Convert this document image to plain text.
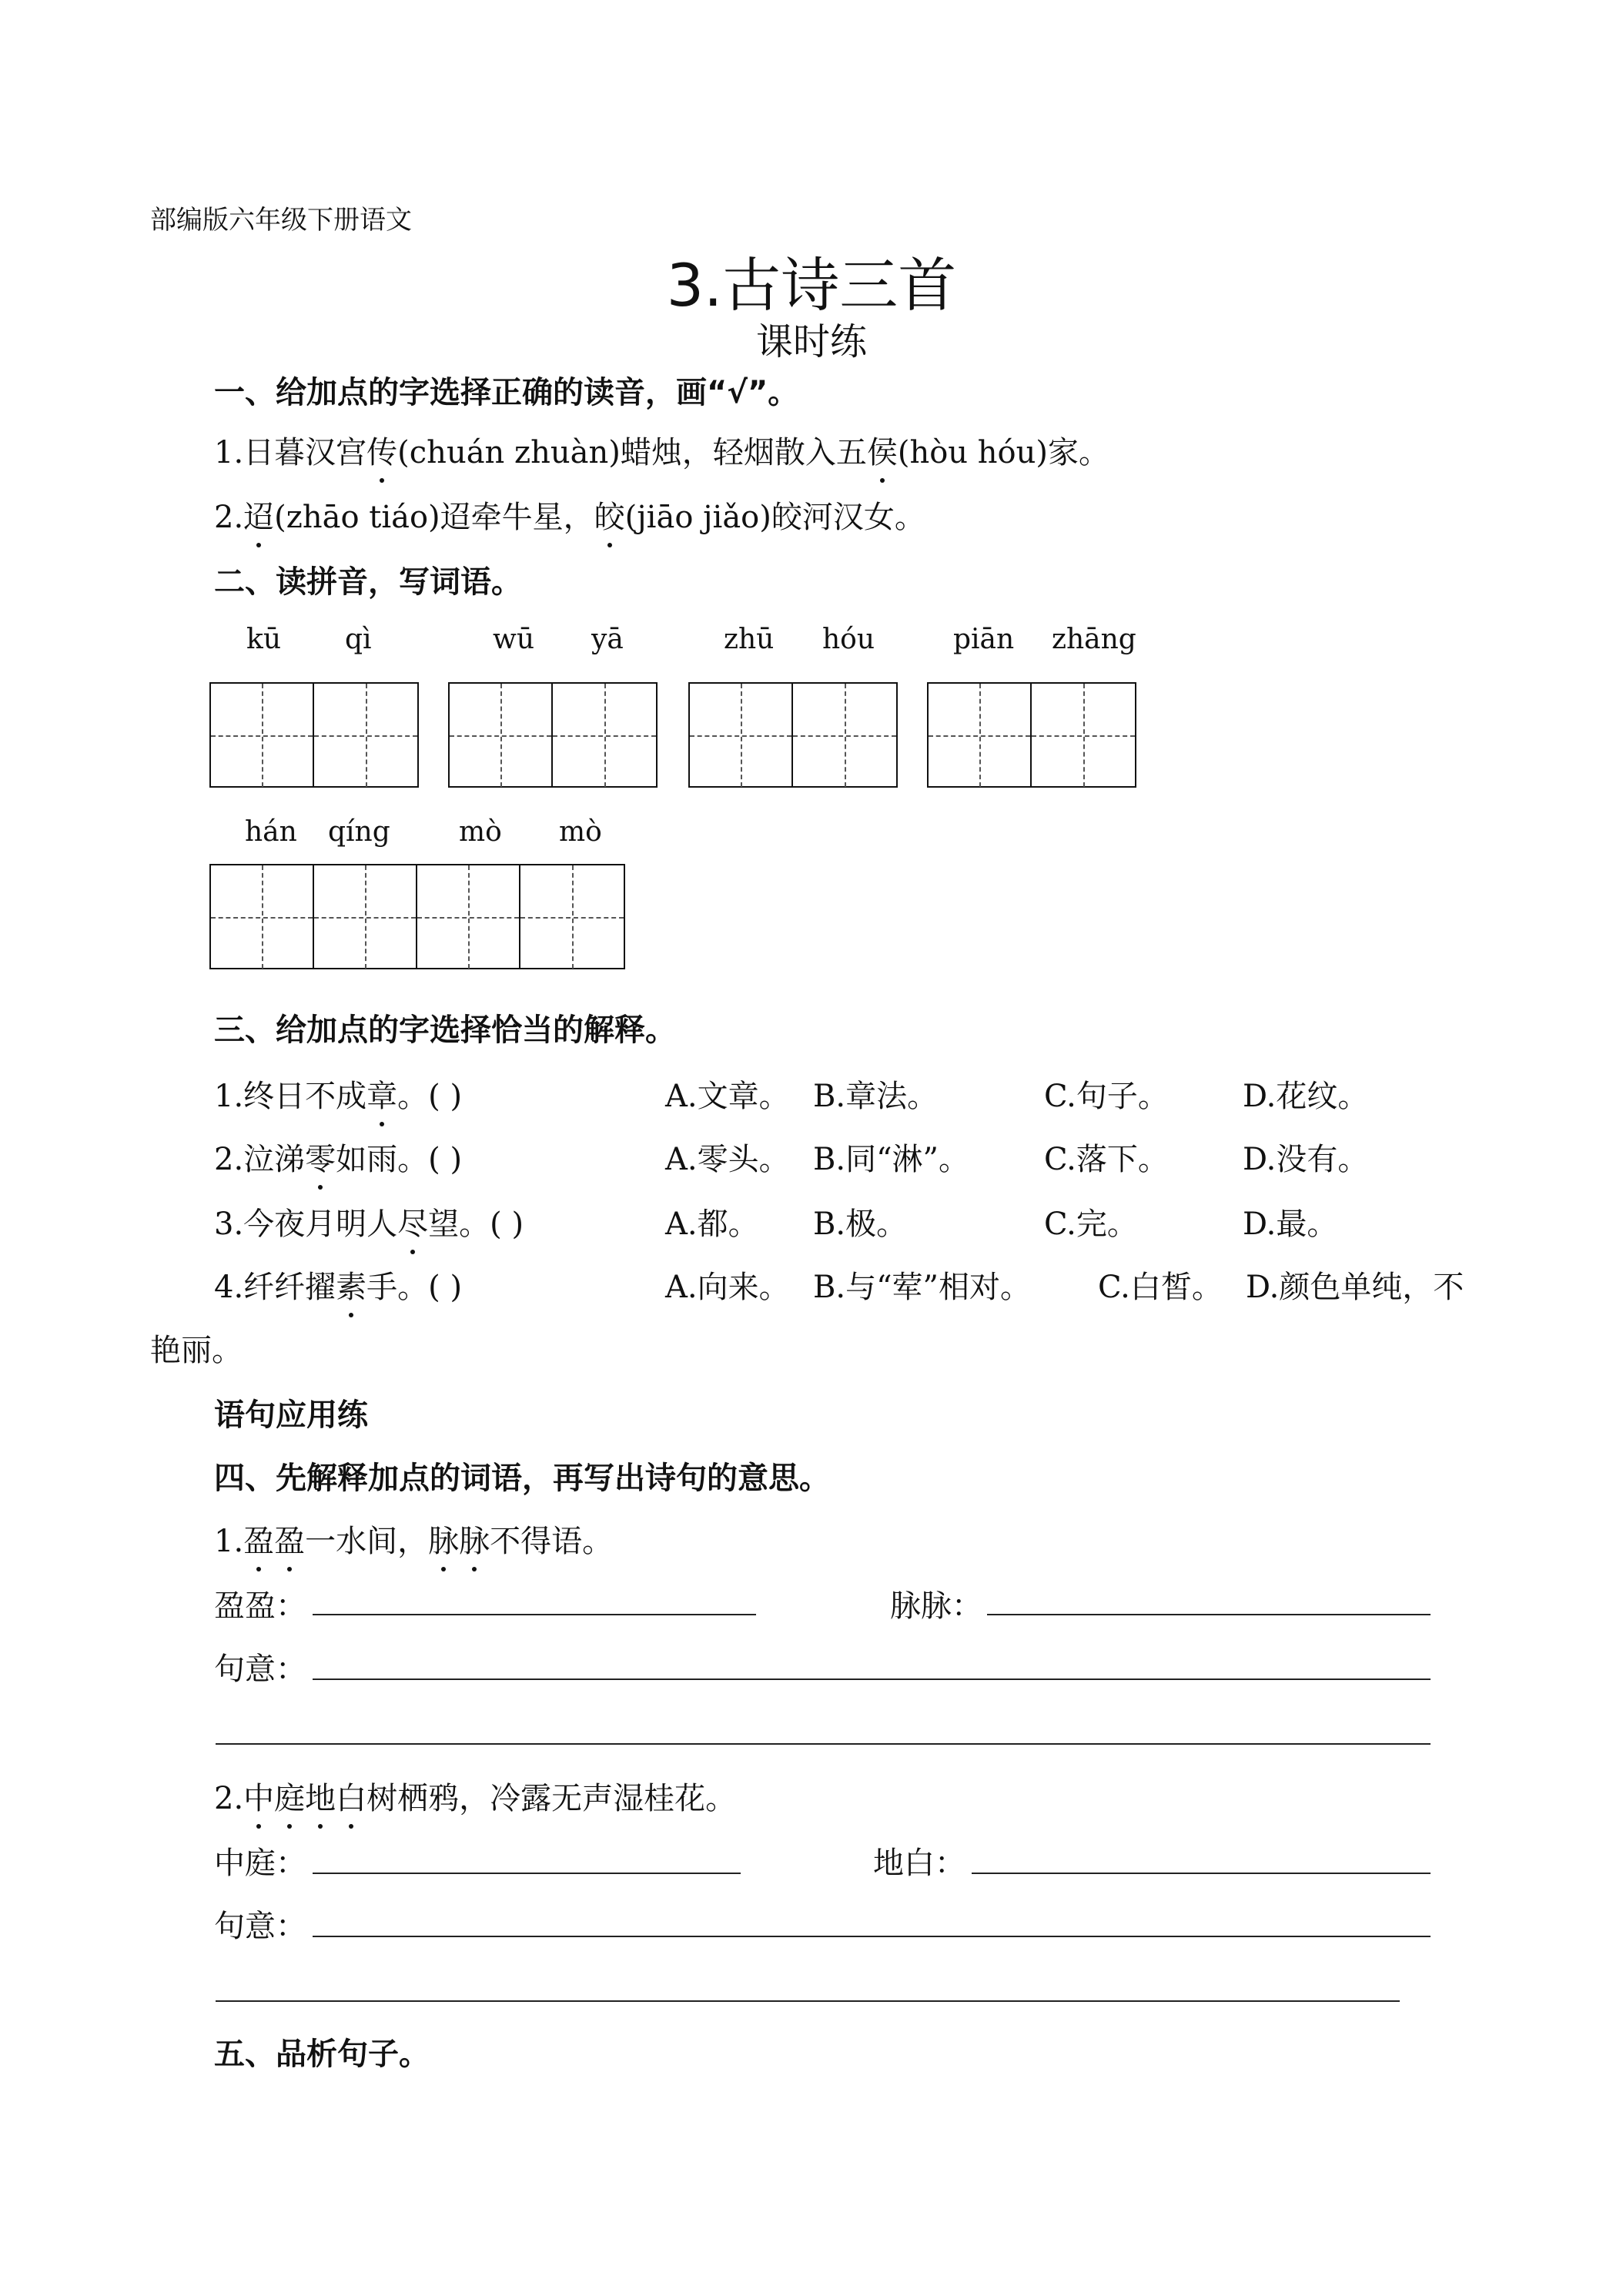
部编版六年级下册语文
3.古诗三首
课时练
一、给加点的字选择正确的读音，画“√”。
1.日暮汉宫传(chuán zhuàn)蜡烛，轻烟散入五侯(hòu hóu)家。
2.迢(zhāo tiáo)迢牵牛星，皎(jiāo jiǎo)皎河汉女。
二、读拼音，写词语。
kū qì	wū yā	zhū hóu	piān zhāng
hán qíng mò mò
三、给加点的字选择恰当的解释。
1.终日不成章。( )	A.文章。 B.章法。	C.句子。 D.花纹。
2.泣涕零如雨。( )	A.零头。 B.同“淋”。 C.落下。 D.没有。
3.今夜月明人尽望。( )	A.都。 B.极。	C.完。	D.最。
4.纤纤擢素手。( )	A.向来。 B.与“荤”相对。 C.白皙。 D.颜色单纯，不
艳丽。
语句应用练
四、先解释加点的词语，再写出诗句的意思。
1.盈盈一水间，脉脉不得语。
盈盈：	脉脉：
句意：
2.中庭地白树栖鸦，冷露无声湿桂花。
中庭：	地白：
句意：
五、品析句子。
